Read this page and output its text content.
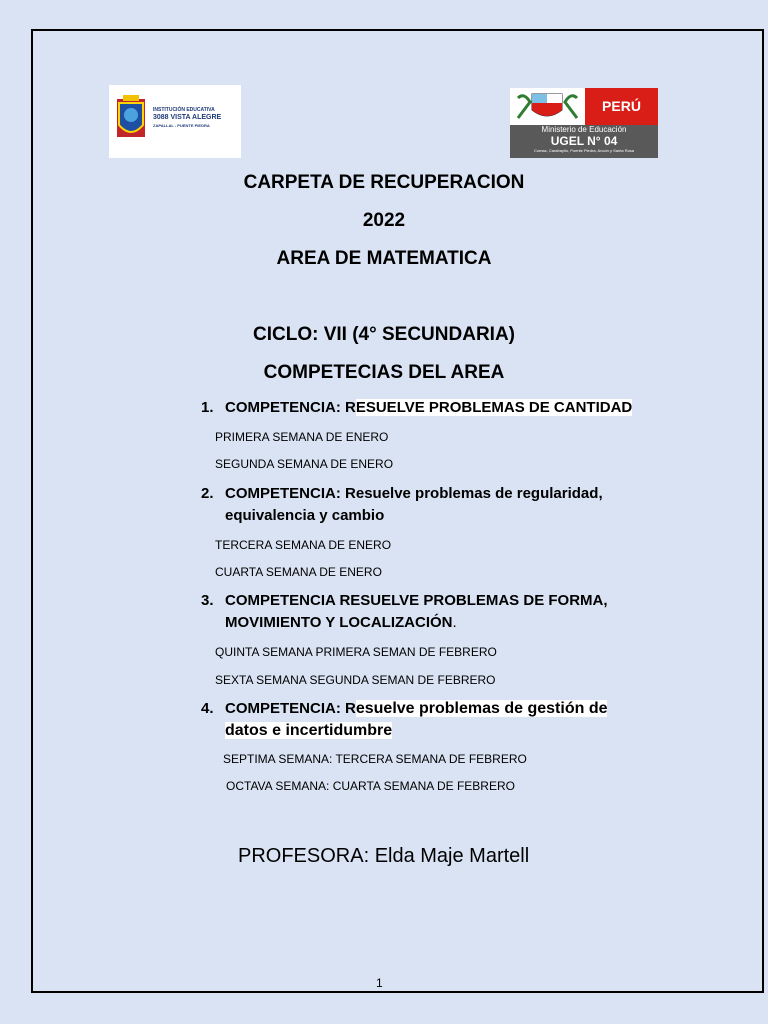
INSTITUCIÓN EDUCATIVA
3088 VISTA ALEGRE
ZAPALLAL - PUENTE PIEDRA
PERÚ
Ministerio de Educación
UGEL N° 04
Comas, Carabayllo, Puente Piedra, Ancón y Santa Rosa
CARPETA DE RECUPERACION
2022
AREA DE MATEMATICA
CICLO: VII (4° SECUNDARIA)
COMPETECIAS DEL AREA
1. COMPETENCIA: RESUELVE PROBLEMAS DE CANTIDAD
PRIMERA SEMANA DE ENERO
SEGUNDA SEMANA DE ENERO
2. COMPETENCIA: Resuelve problemas de regularidad,
equivalencia y cambio
TERCERA SEMANA DE ENERO
CUARTA SEMANA DE ENERO
3. COMPETENCIA RESUELVE PROBLEMAS DE FORMA,
MOVIMIENTO Y LOCALIZACIÓN.
QUINTA SEMANA PRIMERA SEMAN DE FEBRERO
SEXTA SEMANA SEGUNDA SEMAN DE FEBRERO
4. COMPETENCIA: Resuelve problemas de gestión de
datos e incertidumbre
SEPTIMA SEMANA: TERCERA SEMANA DE FEBRERO
OCTAVA SEMANA: CUARTA SEMANA DE FEBRERO
PROFESORA: Elda Maje Martell
1
